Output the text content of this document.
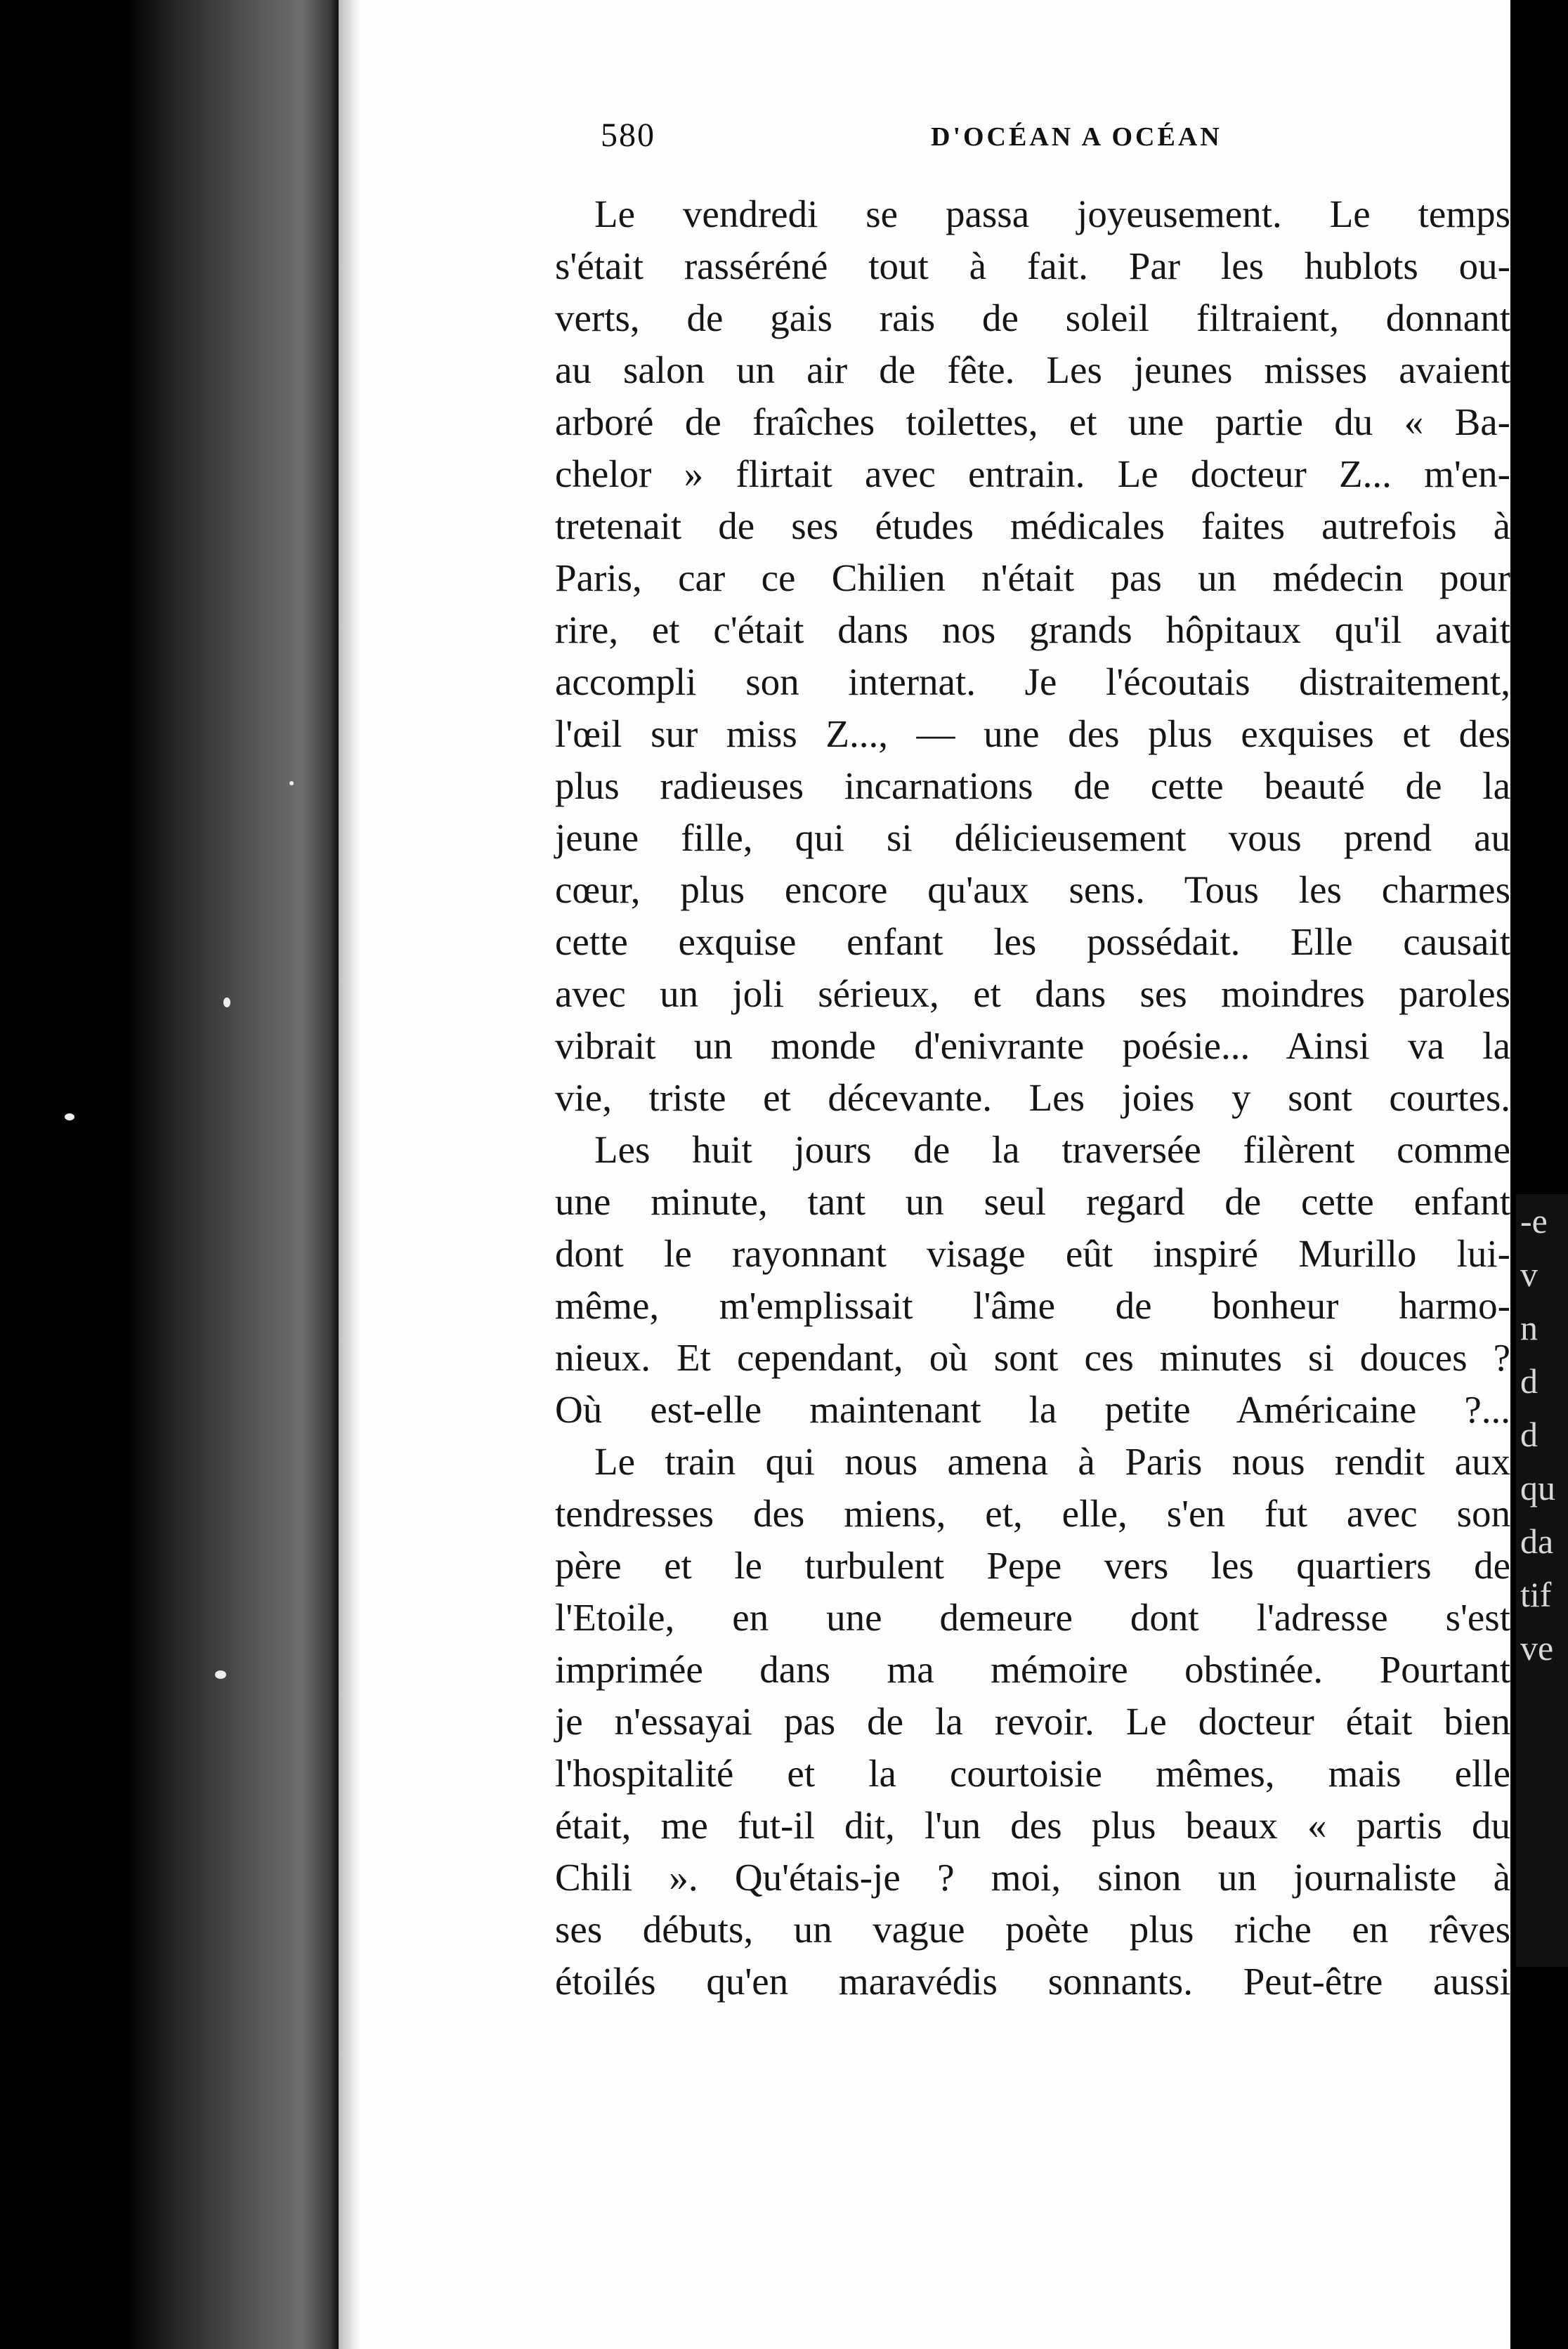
-e
v
n
d
d
qu
da
tif
ve
580	D'OCÉAN A OCÉAN
Le vendredi se passa joyeusement. Le temps
s'était rasséréné tout à fait. Par les hublots ou-
verts, de gais rais de soleil filtraient, donnant
au salon un air de fête. Les jeunes misses avaient
arboré de fraîches toilettes, et une partie du « Ba-
chelor » flirtait avec entrain. Le docteur Z... m'en-
tretenait de ses études médicales faites autrefois à
Paris, car ce Chilien n'était pas un médecin pour
rire, et c'était dans nos grands hôpitaux qu'il avait
accompli son internat. Je l'écoutais distraitement,
l'œil sur miss Z..., — une des plus exquises et des
plus radieuses incarnations de cette beauté de la
jeune fille, qui si délicieusement vous prend au
cœur, plus encore qu'aux sens. Tous les charmes
cette exquise enfant les possédait. Elle causait
avec un joli sérieux, et dans ses moindres paroles
vibrait un monde d'enivrante poésie... Ainsi va la
vie, triste et décevante. Les joies y sont courtes.
Les huit jours de la traversée filèrent comme
une minute, tant un seul regard de cette enfant
dont le rayonnant visage eût inspiré Murillo lui-
même, m'emplissait l'âme de bonheur harmo-
nieux. Et cependant, où sont ces minutes si douces ?
Où est-elle maintenant la petite Américaine ?...
Le train qui nous amena à Paris nous rendit aux
tendresses des miens, et, elle, s'en fut avec son
père et le turbulent Pepe vers les quartiers de
l'Etoile, en une demeure dont l'adresse s'est
imprimée dans ma mémoire obstinée. Pourtant
je n'essayai pas de la revoir. Le docteur était bien
l'hospitalité et la courtoisie mêmes, mais elle
était, me fut-il dit, l'un des plus beaux « partis du
Chili ». Qu'étais-je ? moi, sinon un journaliste à
ses débuts, un vague poète plus riche en rêves
étoilés qu'en maravédis sonnants. Peut-être aussi
